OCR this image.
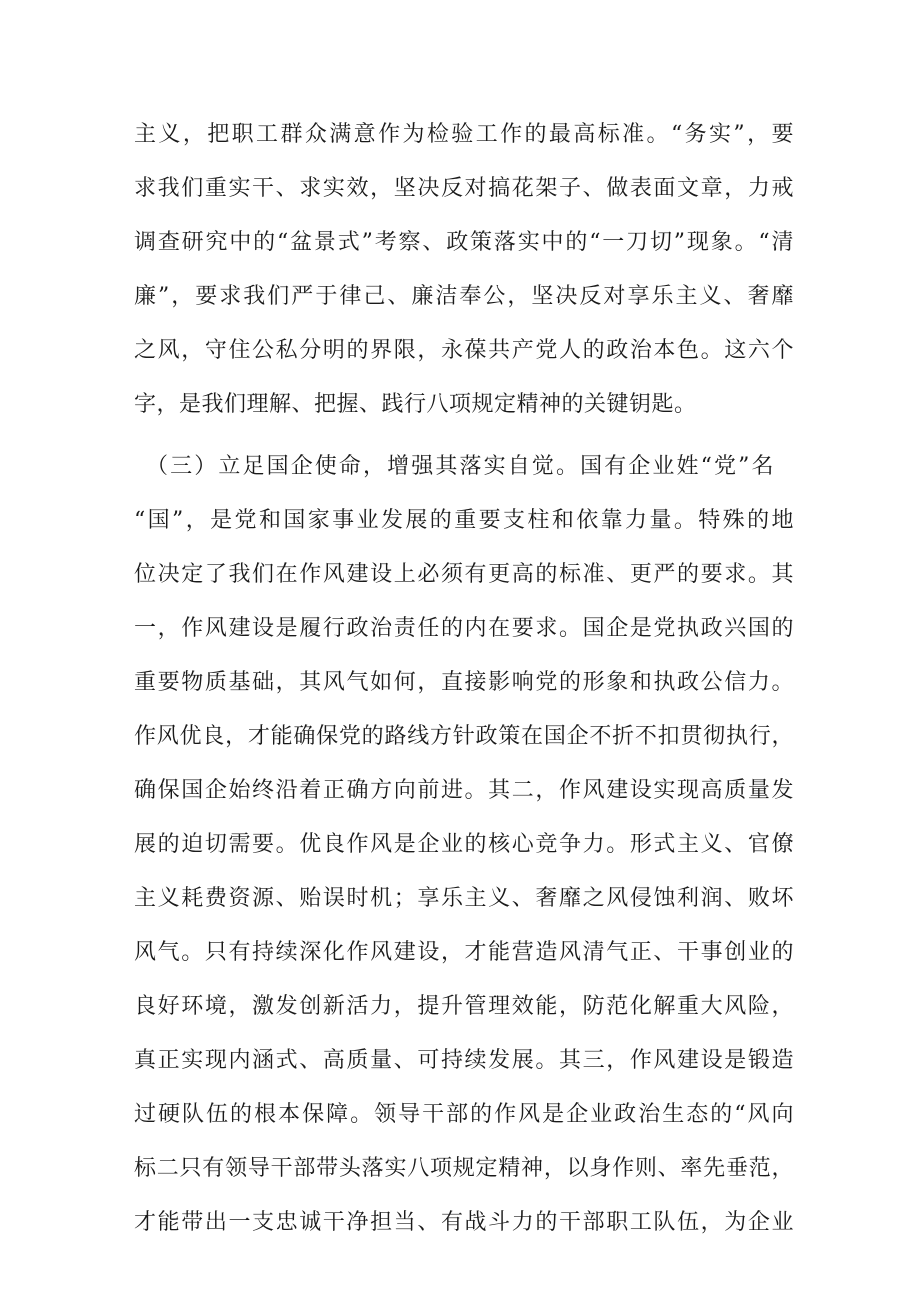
主义，把职工群众满意作为检验工作的最高标准。“务实”，要
求我们重实干、求实效，坚决反对搞花架子、做表面文章，力戒
调查研究中的“盆景式”考察、政策落实中的“一刀切”现象。“清
廉”，要求我们严于律己、廉洁奉公，坚决反对享乐主义、奢靡
之风，守住公私分明的界限，永葆共产党人的政治本色。这六个
字，是我们理解、把握、践行八项规定精神的关键钥匙。
（三）立足国企使命，增强其落实自觉。国有企业姓“党”名
“国”，是党和国家事业发展的重要支柱和依靠力量。特殊的地
位决定了我们在作风建设上必须有更高的标准、更严的要求。其
一，作风建设是履行政治责任的内在要求。国企是党执政兴国的
重要物质基础，其风气如何，直接影响党的形象和执政公信力。
作风优良，才能确保党的路线方针政策在国企不折不扣贯彻执行，
确保国企始终沿着正确方向前进。其二，作风建设实现高质量发
展的迫切需要。优良作风是企业的核心竞争力。形式主义、官僚
主义耗费资源、贻误时机；享乐主义、奢靡之风侵蚀利润、败坏
风气。只有持续深化作风建设，才能营造风清气正、干事创业的
良好环境，激发创新活力，提升管理效能，防范化解重大风险，
真正实现内涵式、高质量、可持续发展。其三，作风建设是锻造
过硬队伍的根本保障。领导干部的作风是企业政治生态的“风向
标二只有领导干部带头落实八项规定精神，以身作则、率先垂范，
才能带出一支忠诚干净担当、有战斗力的干部职工队伍，为企业
